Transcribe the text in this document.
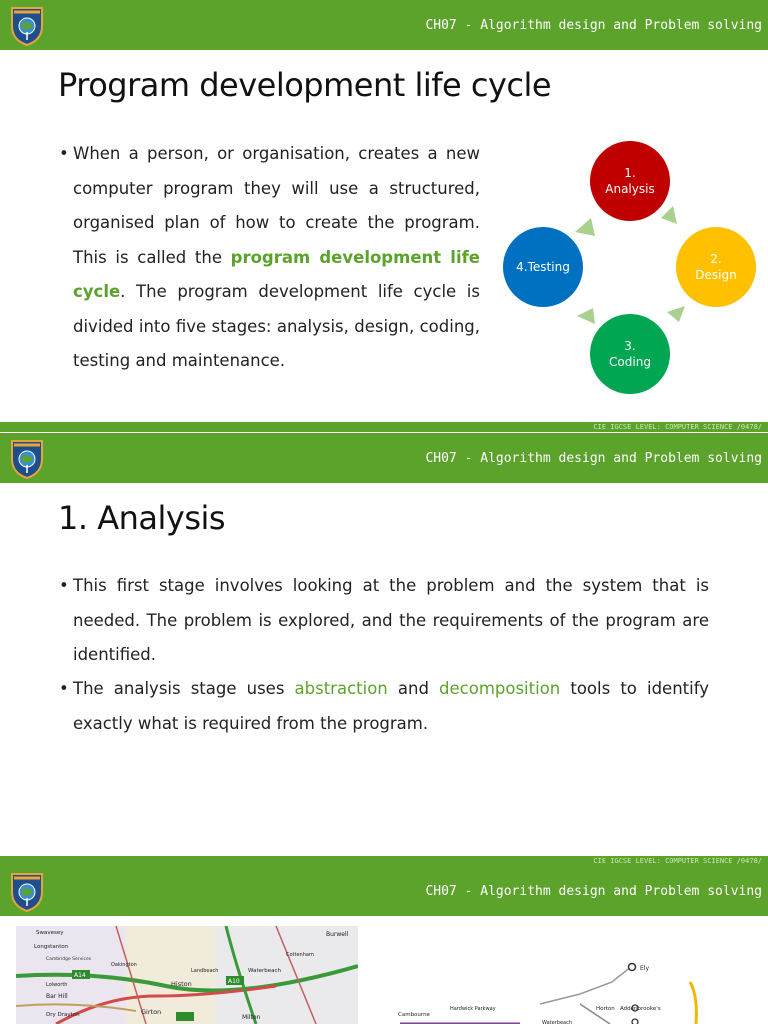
CH07 - Algorithm design and Problem solving
Program development life cycle
• When a person, or organisation, creates a new computer program they will use a structured, organised plan of how to create the program. This is called the program development life cycle. The program development life cycle is divided into five stages: analysis, design, coding, testing and maintenance.
1.
Analysis
2.
Design
3.
Coding
4.Testing
CIE IGCSE LEVEL: COMPUTER SCIENCE /0478/
CH07 - Algorithm design and Problem solving
1. Analysis
• This first stage involves looking at the problem and the system that is needed. The problem is explored, and the requirements of the program are identified.
• The analysis stage uses abstraction and decomposition tools to identify exactly what is required from the program.
CIE IGCSE LEVEL: COMPUTER SCIENCE /0478/
CH07 - Algorithm design and Problem solving
A14
A10
Swavesey
Longstanton
Cambridge Services
Histon
Girton
Waterbeach
Milton
Burwell
Bar Hill
Dry Drayton
Cottenham
Landbeach
Lolworth
Oakington	Ely
Cambourne
Hardwick Parkway	Horton Addenbrooke's
Waterbeach
